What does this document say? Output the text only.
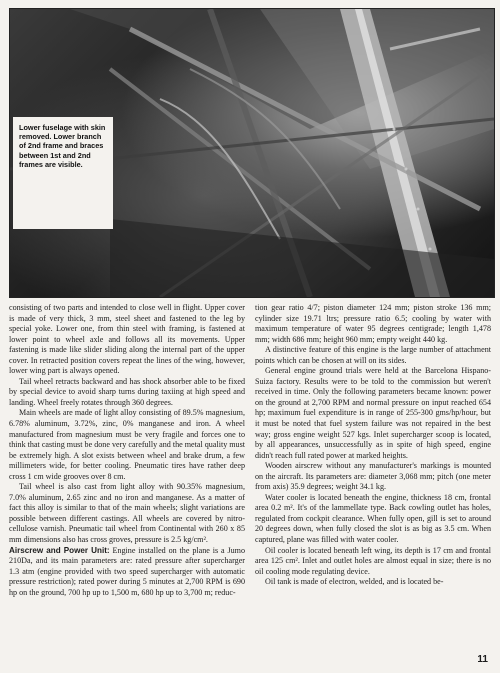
Lower fuselage with skin removed. Lower branch of 2nd frame and braces between 1st and 2nd frames are visible.

consisting of two parts and intended to close well in flight. Upper cover is made of very thick, 3 mm, steel sheet and fastened to the leg by special yoke. Lower one, from thin steel with framing, is fastened at lower point to wheel axle and follows all its movements. Upper fastening is made like slider sliding along the internal part of the upper cover. In retracted position covers repeat the lines of the wing, however, lower wing part is always opened.

Tail wheel retracts backward and has shock absorber able to be fixed by special device to avoid sharp turns during taxiing at high speed and landing. Wheel freely rotates through 360 degrees.

Main wheels are made of light alloy consisting of 89.5% magnesium, 6.78% aluminum, 3.72%, zinc, 0% manganese and iron. A wheel manufactured from magnesium must be very fragile and forces one to think that casting must be done very carefully and the metal quality must be extremely high. A slot exists between wheel and brake drum, a few millimeters wide, for better cooling. Pneumatic tires have rather deep cross 1 cm wide grooves over 8 cm.

Tail wheel is also cast from light alloy with 90.35% magnesium, 7.0% aluminum, 2.65 zinc and no iron and manganese. As a matter of fact this alloy is similar to that of the main wheels; slight variations are possible between different castings. All wheels are covered by nitro-cellulose varnish. Pneumatic tail wheel from Continental with 260 x 85 mm dimensions also has cross groves, pressure is 2.5 kg/cm².

Airscrew and Power Unit: Engine installed on the plane is a Jumo 210Da, and its main parameters are: rated pressure after supercharger 1.3 atm (engine provided with two speed supercharger with automatic pressure restriction); rated power during 5 minutes at 2,700 RPM is 690 hp on the ground, 700 hp up to 1,500 m, 680 hp up to 3,700 m; reduc-

tion gear ratio 4/7; piston diameter 124 mm; piston stroke 136 mm; cylinder size 19.71 ltrs; pressure ratio 6.5; cooling by water with maximum temperature of water 95 degrees centigrade; length 1,478 mm; width 686 mm; height 960 mm; empty weight 440 kg.

A distinctive feature of this engine is the large number of attachment points which can be chosen at will on its sides.

General engine ground trials were held at the Barcelona Hispano-Suiza factory. Results were to be told to the commission but weren't received in time. Only the following parameters became known: power on the ground at 2,700 RPM and normal pressure on input reached 654 hp; maximum fuel expenditure is in range of 255-300 gms/hp/hour, but it must be noted that fuel system failure was not repaired in the best way; gross engine weight 527 kgs. Inlet supercharger scoop is located, by all appearances, unsuccessfully as in spite of high speed, engine didn't reach full rated power at marked heights.

Wooden airscrew without any manufacturer's markings is mounted on the aircraft. Its parameters are: diameter 3,068 mm; pitch (one meter from axis) 35.9 degrees; weight 34.1 kg.

Water cooler is located beneath the engine, thickness 18 cm, frontal area 0.2 m². It's of the lammellate type. Back cowling outlet has holes, regulated from cockpit clearance. When fully open, gill is set to around 20 degrees down, when fully closed the slot is as big as 3.5 cm. When captured, plane was filled with water cooler.

Oil cooler is located beneath left wing, its depth is 17 cm and frontal area 125 cm². Inlet and outlet holes are almost equal in size; there is no oil cooling mode regulating device.

Oil tank is made of electron, welded, and is located be-

11
